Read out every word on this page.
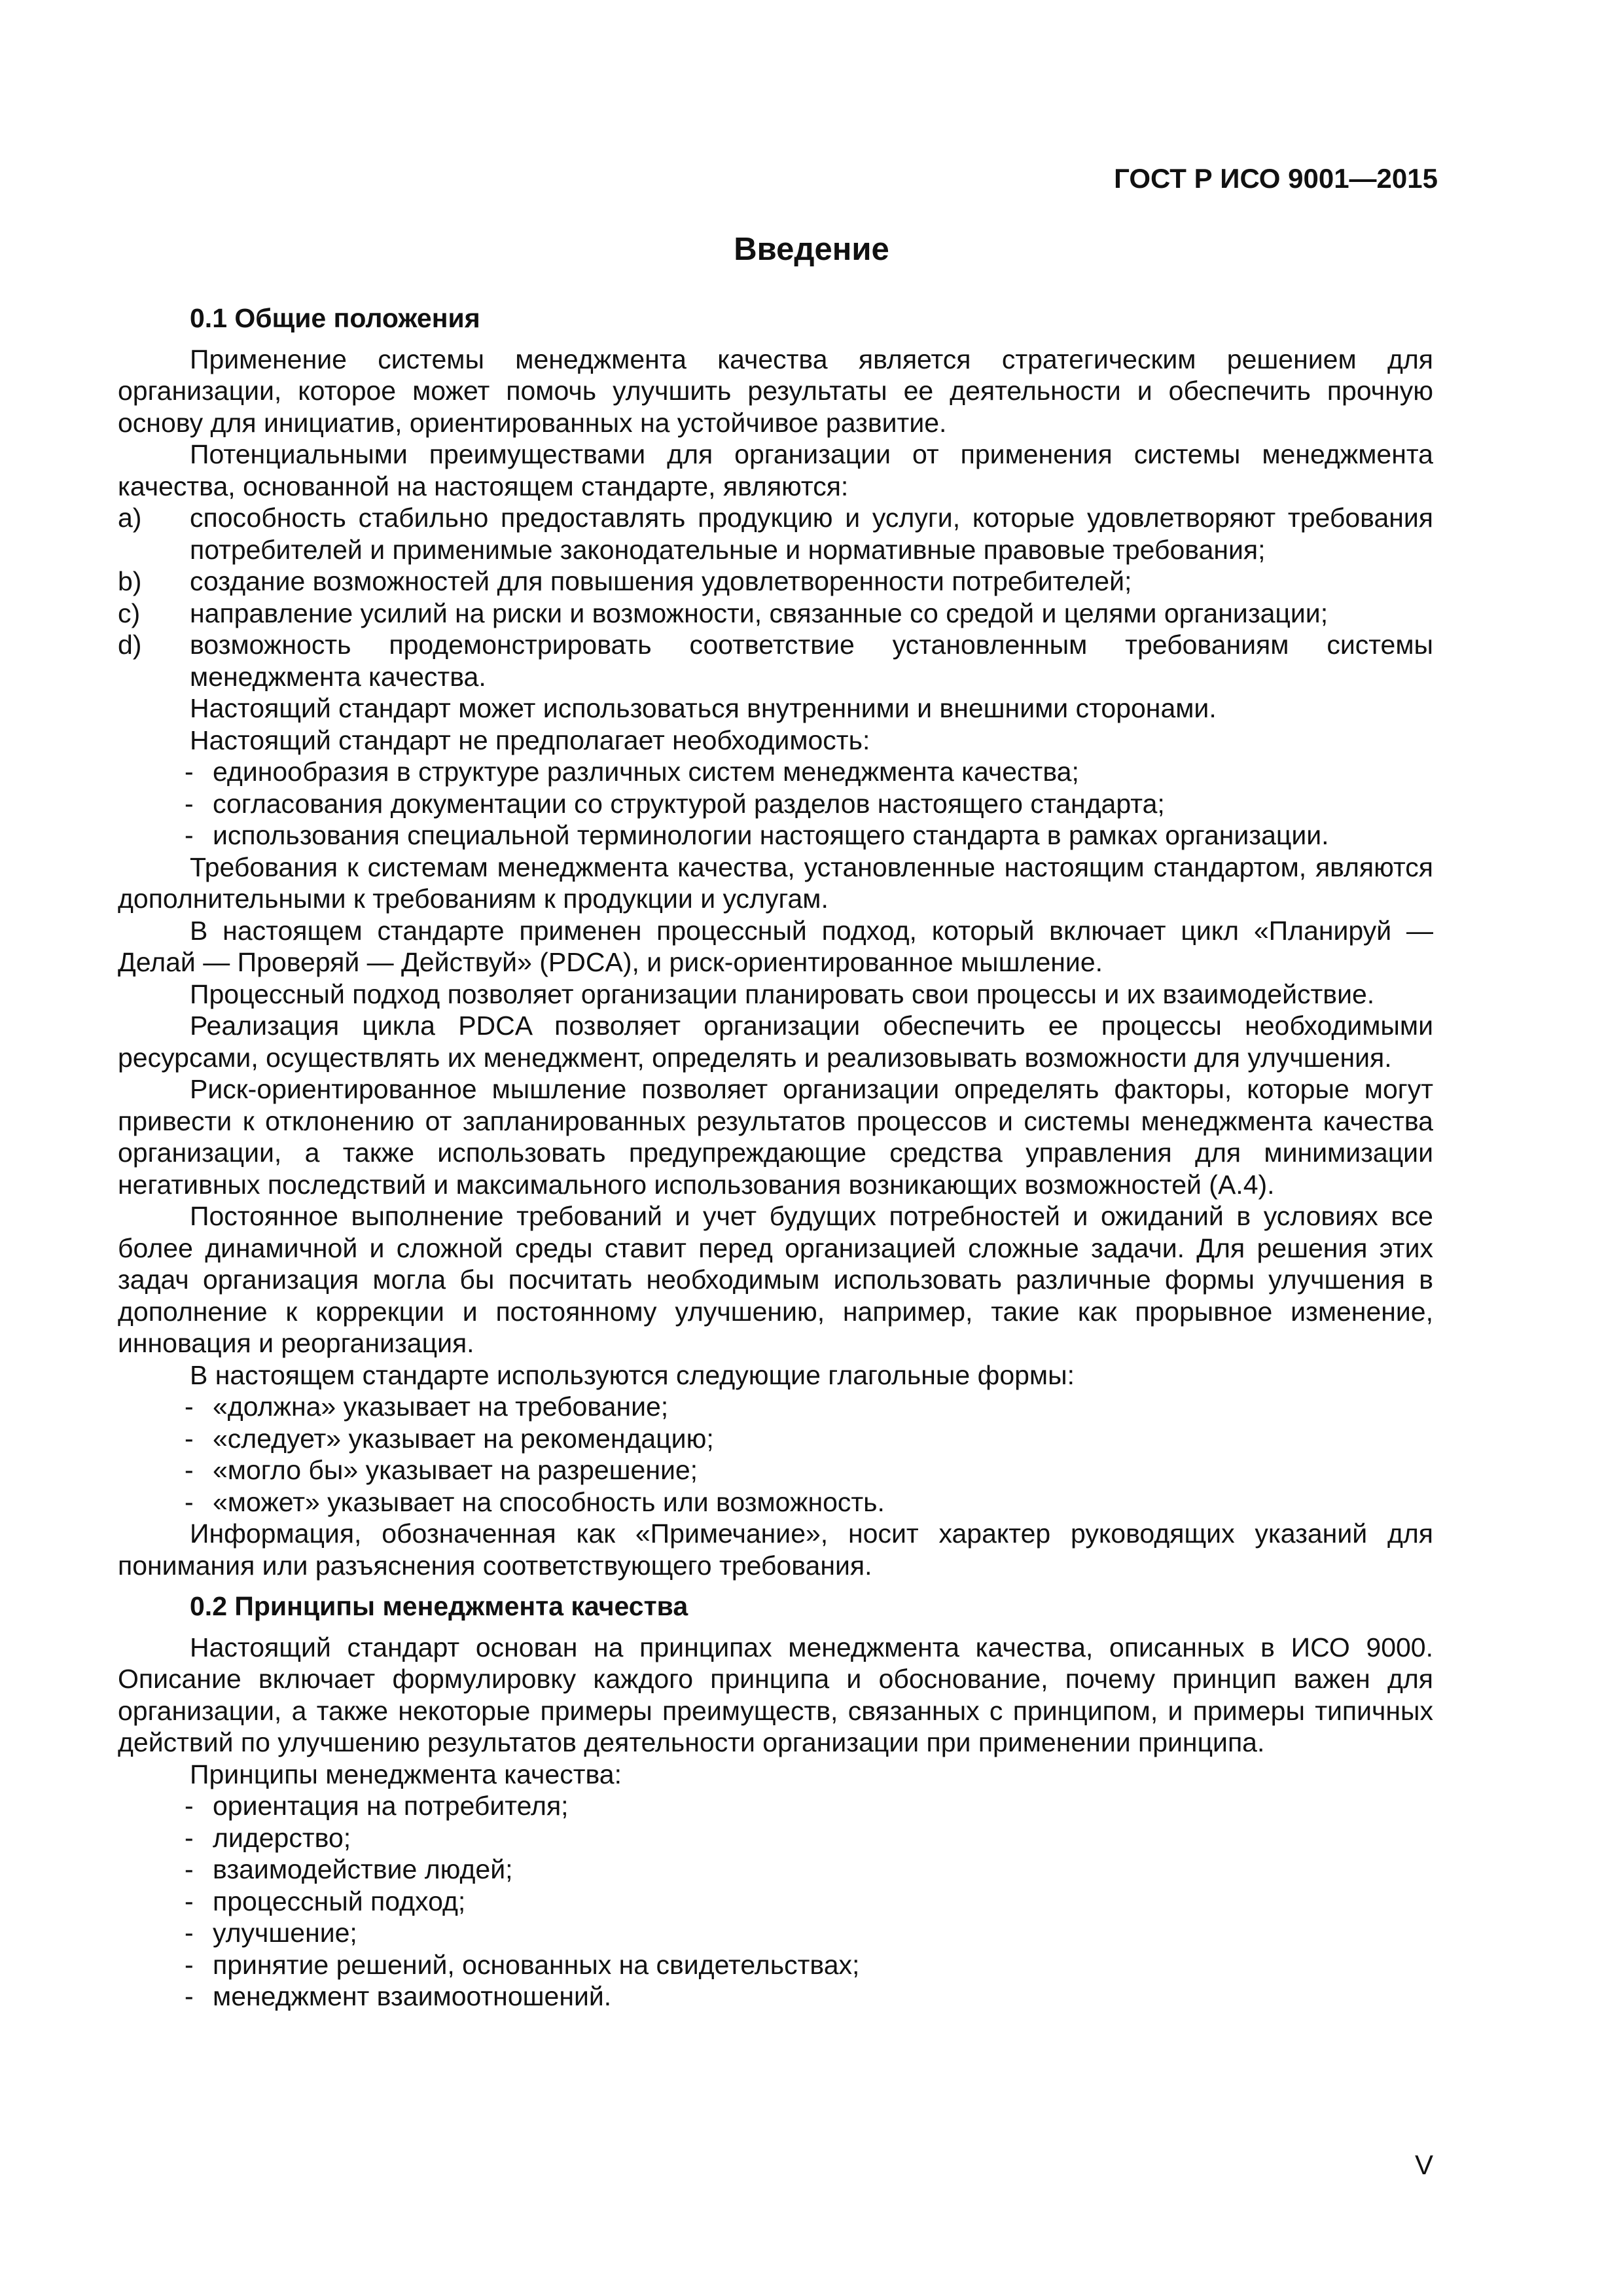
ГОСТ Р ИСО 9001—2015
Введение

0.1 Общие положения

Применение системы менеджмента качества является стратегическим решением для организации, которое может помочь улучшить результаты ее деятельности и обеспечить прочную основу для инициатив, ориентированных на устойчивое развитие.

Потенциальными преимуществами для организации от применения системы менеджмента качества, основанной на настоящем стандарте, являются:

a) способность стабильно предоставлять продукцию и услуги, которые удовлетворяют требования потребителей и применимые законодательные и нормативные правовые требования;

b) создание возможностей для повышения удовлетворенности потребителей;

c) направление усилий на риски и возможности, связанные со средой и целями организации;

d) возможность продемонстрировать соответствие установленным требованиям системы менеджмента качества.

Настоящий стандарт может использоваться внутренними и внешними сторонами.

Настоящий стандарт не предполагает необходимость:

- единообразия в структуре различных систем менеджмента качества;

- согласования документации со структурой разделов настоящего стандарта;

- использования специальной терминологии настоящего стандарта в рамках организации.

Требования к системам менеджмента качества, установленные настоящим стандартом, являются дополнительными к требованиям к продукции и услугам.

В настоящем стандарте применен процессный подход, который включает цикл «Планируй — Делай — Проверяй — Действуй» (PDCA), и риск-ориентированное мышление.

Процессный подход позволяет организации планировать свои процессы и их взаимодействие.

Реализация цикла PDCA позволяет организации обеспечить ее процессы необходимыми ресурсами, осуществлять их менеджмент, определять и реализовывать возможности для улучшения.

Риск-ориентированное мышление позволяет организации определять факторы, которые могут привести к отклонению от запланированных результатов процессов и системы менеджмента качества организации, а также использовать предупреждающие средства управления для минимизации негативных последствий и максимального использования возникающих возможностей (А.4).

Постоянное выполнение требований и учет будущих потребностей и ожиданий в условиях все более динамичной и сложной среды ставит перед организацией сложные задачи. Для решения этих задач организация могла бы посчитать необходимым использовать различные формы улучшения в дополнение к коррекции и постоянному улучшению, например, такие как прорывное изменение, инновация и реорганизация.

В настоящем стандарте используются следующие глагольные формы:

- «должна» указывает на требование;

- «следует» указывает на рекомендацию;

- «могло бы» указывает на разрешение;

- «может» указывает на способность или возможность.

Информация, обозначенная как «Примечание», носит характер руководящих указаний для понимания или разъяснения соответствующего требования.

0.2 Принципы менеджмента качества

Настоящий стандарт основан на принципах менеджмента качества, описанных в ИСО 9000. Описание включает формулировку каждого принципа и обоснование, почему принцип важен для организации, а также некоторые примеры преимуществ, связанных с принципом, и примеры типичных действий по улучшению результатов деятельности организации при применении принципа.

Принципы менеджмента качества:

- ориентация на потребителя;

- лидерство;

- взаимодействие людей;

- процессный подход;

- улучшение;

- принятие решений, основанных на свидетельствах;

- менеджмент взаимоотношений.

V
